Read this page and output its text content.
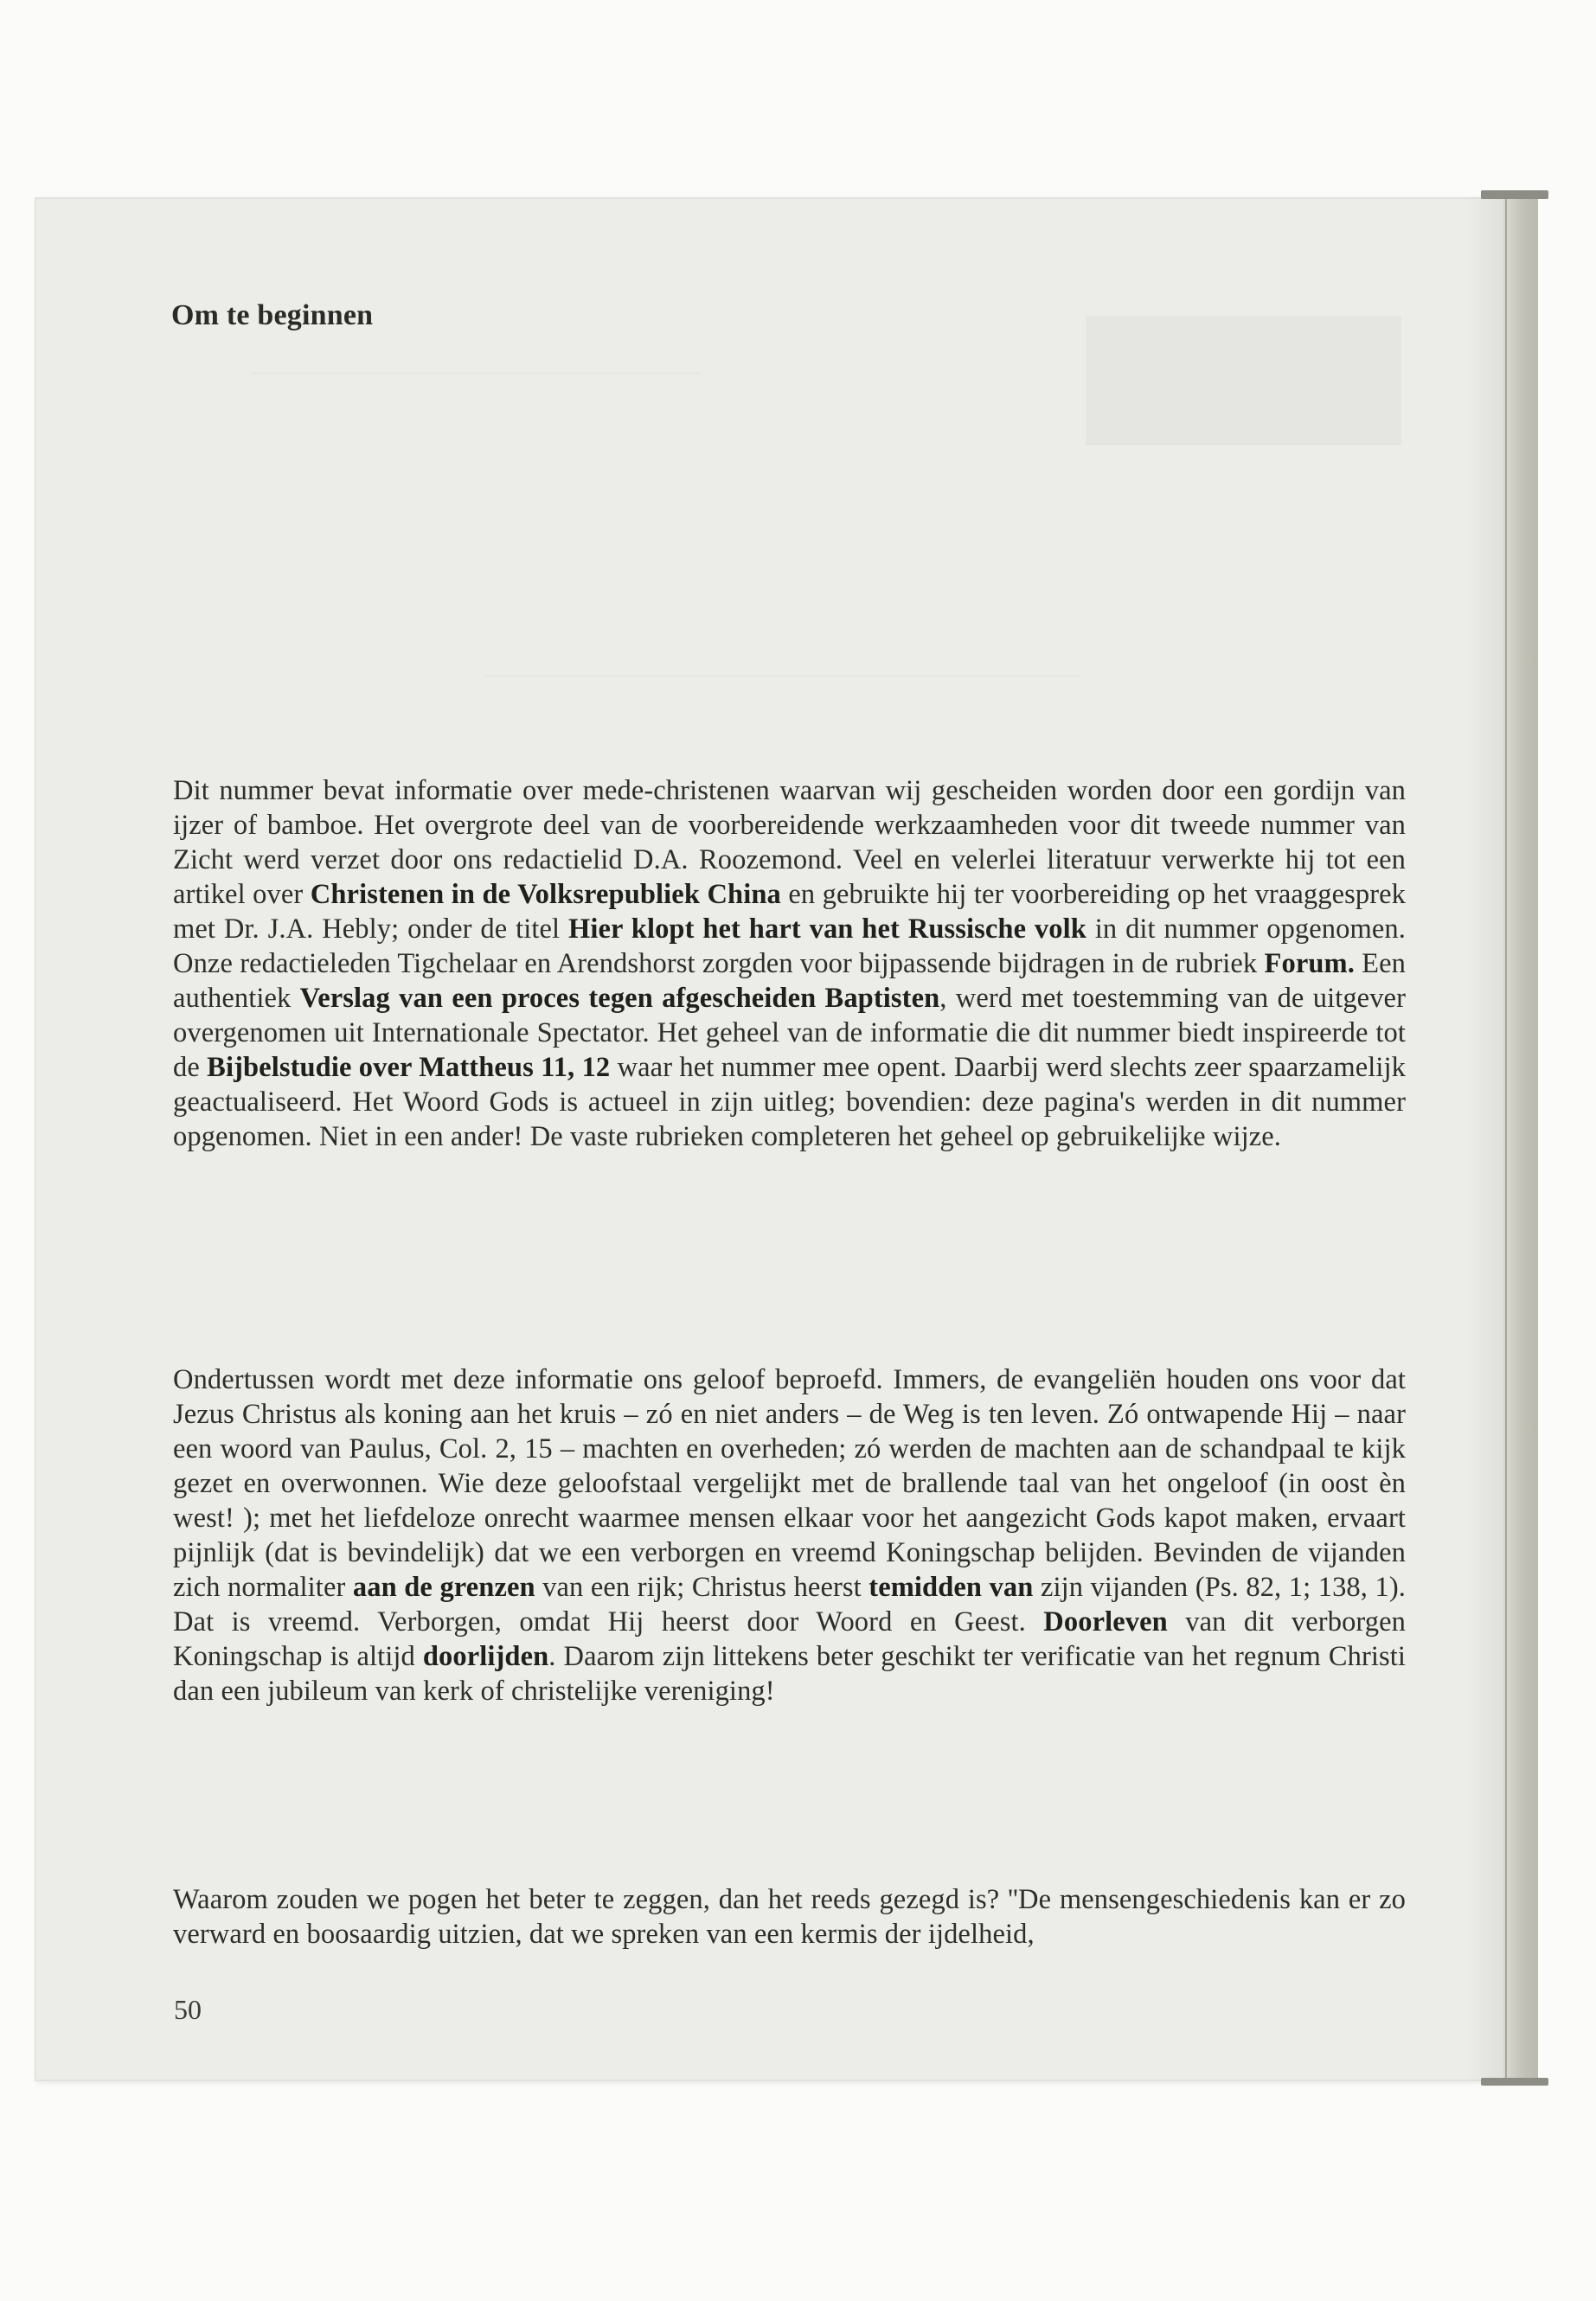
Om te beginnen

Dit nummer bevat informatie over mede-christenen waarvan wij gescheiden worden door een gordijn van ijzer of bamboe. Het overgrote deel van de voorbereidende werkzaamheden voor dit tweede nummer van Zicht werd verzet door ons redactielid D.A. Roozemond. Veel en velerlei literatuur verwerkte hij tot een artikel over Christenen in de Volksrepubliek China en gebruikte hij ter voorbereiding op het vraaggesprek met Dr. J.A. Hebly; onder de titel Hier klopt het hart van het Russische volk in dit nummer opgenomen. Onze redactieleden Tigchelaar en Arendshorst zorgden voor bijpassende bijdragen in de rubriek Forum. Een authentiek Verslag van een proces tegen afgescheiden Baptisten, werd met toestemming van de uitgever overgenomen uit Internationale Spectator. Het geheel van de informatie die dit nummer biedt inspireerde tot de Bijbelstudie over Mattheus 11, 12 waar het nummer mee opent. Daarbij werd slechts zeer spaarzamelijk geactualiseerd. Het Woord Gods is actueel in zijn uitleg; bovendien: deze pagina's werden in dit nummer opgenomen. Niet in een ander! De vaste rubrieken completeren het geheel op gebruikelijke wijze.

Ondertussen wordt met deze informatie ons geloof beproefd. Immers, de evangeliën houden ons voor dat Jezus Christus als koning aan het kruis – zó en niet anders – de Weg is ten leven. Zó ontwapende Hij – naar een woord van Paulus, Col. 2, 15 – machten en overheden; zó werden de machten aan de schandpaal te kijk gezet en overwonnen. Wie deze geloofstaal vergelijkt met de brallende taal van het ongeloof (in oost èn west! ); met het liefdeloze onrecht waarmee mensen elkaar voor het aangezicht Gods kapot maken, ervaart pijnlijk (dat is bevindelijk) dat we een verborgen en vreemd Koningschap belijden. Bevinden de vijanden zich normaliter aan de grenzen van een rijk; Christus heerst temidden van zijn vijanden (Ps. 82, 1; 138, 1). Dat is vreemd. Verborgen, omdat Hij heerst door Woord en Geest. Doorleven van dit verborgen Koningschap is altijd doorlijden. Daarom zijn littekens beter geschikt ter verificatie van het regnum Christi dan een jubileum van kerk of christelijke vereniging!

Waarom zouden we pogen het beter te zeggen, dan het reeds gezegd is? ''De mensengeschiedenis kan er zo verward en boosaardig uitzien, dat we spreken van een kermis der ijdelheid,

50
